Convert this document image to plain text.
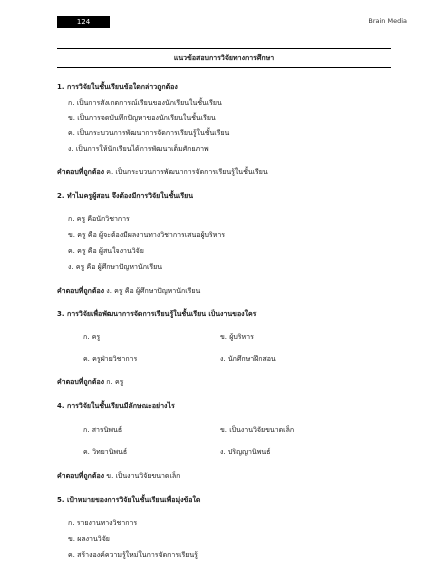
124	Brain Media
แนวข้อสอบการวิจัยทางการศึกษา
1. การวิจัยในชั้นเรียนข้อใดกล่าวถูกต้อง
ก. เป็นการสังเกตการณ์เรียนของนักเรียนในชั้นเรียน
ข. เป็นการจดบันทึกปัญหาของนักเรียนในชั้นเรียน
ค. เป็นกระบวนการพัฒนาการจัดการเรียนรู้ในชั้นเรียน
ง. เป็นการให้นักเรียนได้การพัฒนาเต็มศักยภาพ
คำตอบที่ถูกต้อง ค. เป็นกระบวนการพัฒนาการจัดการเรียนรู้ในชั้นเรียน
2. ทำไมครูผู้สอน จึงต้องมีการวิจัยในชั้นเรียน
ก. ครู คือนักวิชาการ
ข. ครู คือ ผู้จะต้องมีผลงานทางวิชาการเสนอผู้บริหาร
ค. ครู คือ ผู้สนใจงานวิจัย
ง. ครู คือ ผู้ศึกษาปัญหานักเรียน
คำตอบที่ถูกต้อง ง. ครู คือ ผู้ศึกษาปัญหานักเรียน
3. การวิจัยเพื่อพัฒนาการจัดการเรียนรู้ในชั้นเรียน เป็นงานของใคร
ก. ครู	ข. ผู้บริหาร
ค. ครูฝ่ายวิชาการ	ง. นักศึกษาฝึกสอน
คำตอบที่ถูกต้อง ก. ครู
4. การวิจัยในชั้นเรียนมีลักษณะอย่างไร
ก. สารนิพนธ์	ข. เป็นงานวิจัยขนาดเล็ก
ค. วิทยานิพนธ์	ง. ปริญญานิพนธ์
คำตอบที่ถูกต้อง ข. เป็นงานวิจัยขนาดเล็ก
5. เป้าหมายของการวิจัยในชั้นเรียนเพื่อมุ่งข้อใด
ก. รายงานทางวิชาการ
ข. ผลงานวิจัย
ค. สร้างองค์ความรู้ใหม่ในการจัดการเรียนรู้
